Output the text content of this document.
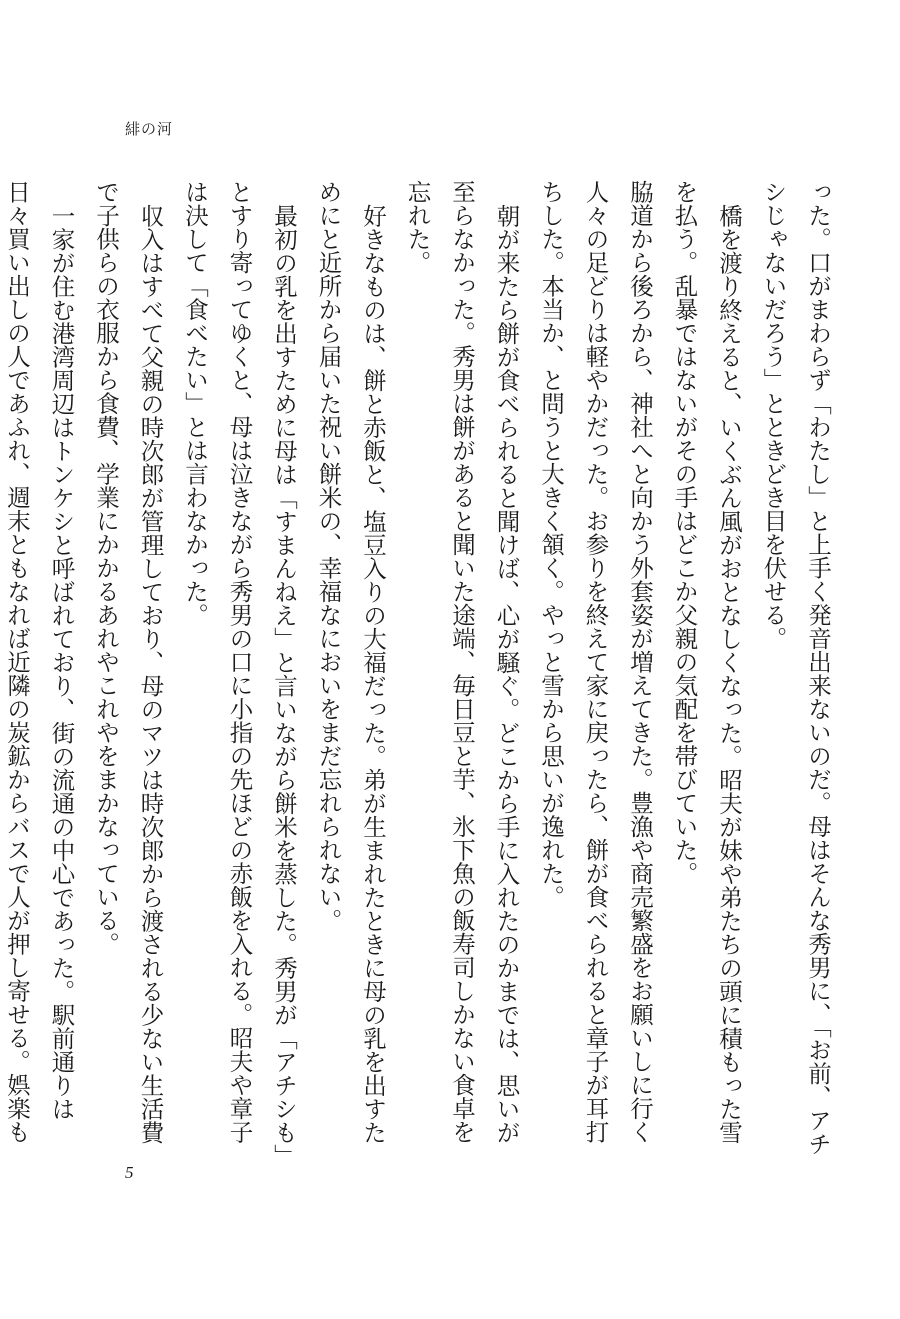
緋の河

った。口がまわらず「わたし」と上手く発音出来ないのだ。母はそんな秀男に、「お前、アチシじゃないだろう」とときどき目を伏せる。

橋を渡り終えると、いくぶん風がおとなしくなった。昭夫が妹や弟たちの頭に積もった雪を払う。乱暴ではないがその手はどこか父親の気配を帯びていた。

脇道から後ろから、神社へと向かう外套姿が増えてきた。豊漁や商売繁盛をお願いしに行く人々の足どりは軽やかだった。お参りを終えて家に戻ったら、餅が食べられると章子が耳打ちした。本当か、と問うと大きく頷く。やっと雪から思いが逸れた。

朝が来たら餅が食べられると聞けば、心が騒ぐ。どこから手に入れたのかまでは、思いが至らなかった。秀男は餅があると聞いた途端、毎日豆と芋、氷下魚の飯寿司しかない食卓を忘れた。

好きなものは、餅と赤飯と、塩豆入りの大福だった。弟が生まれたときに母の乳を出すためにと近所から届いた祝い餅米の、幸福なにおいをまだ忘れられない。

最初の乳を出すために母は「すまんねえ」と言いながら餅米を蒸した。秀男が「アチシも」とすり寄ってゆくと、母は泣きながら秀男の口に小指の先ほどの赤飯を入れる。昭夫や章子は決して「食べたい」とは言わなかった。

収入はすべて父親の時次郎が管理しており、母のマツは時次郎から渡される少ない生活費で子供らの衣服から食費、学業にかかるあれやこれやをまかなっている。

一家が住む港湾周辺はトンケシと呼ばれており、街の流通の中心であった。駅前通りは日々買い出しの人であふれ、週末ともなれば近隣の炭鉱からバスで人が押し寄せる。娯楽も

5
